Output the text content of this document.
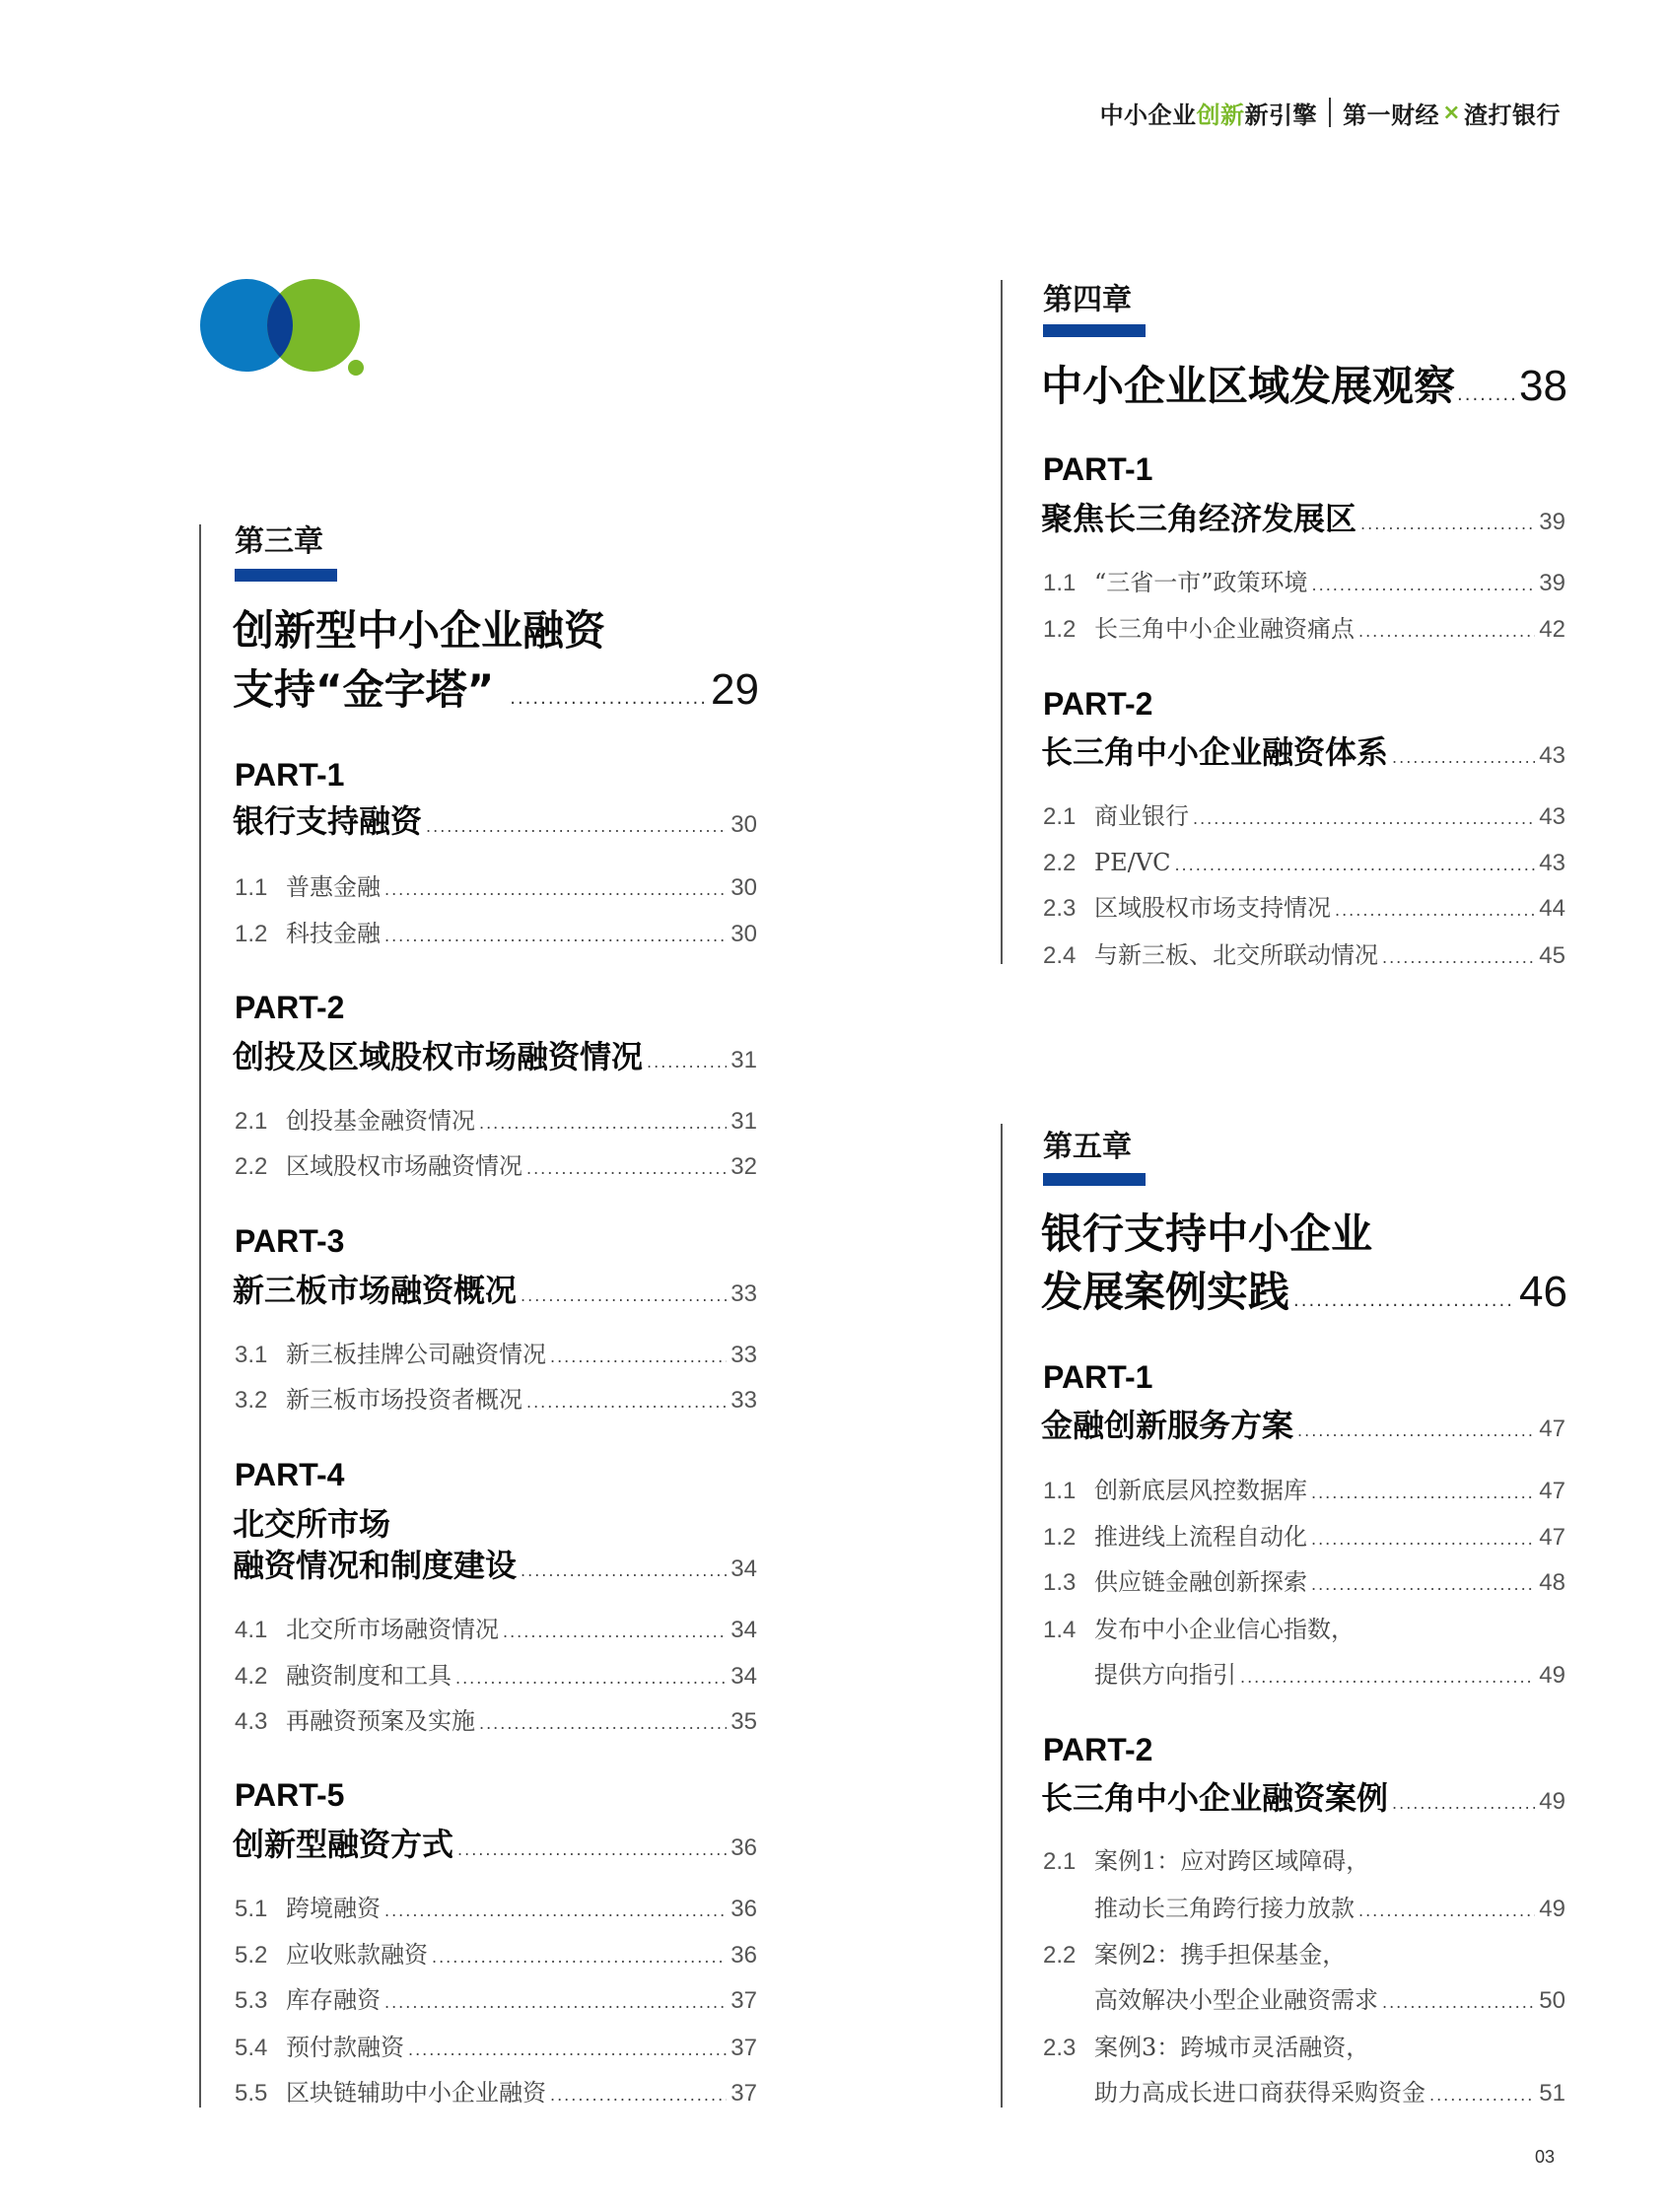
中小企业 创新 新引擎 第一财经 × 渣打银行
第三章
创新型中小企业融资
支持“金字塔” .....	29
PART-1
银行支持融资 .....	30
1.1 普惠金融 .....	30
1.2 科技金融 .....	30
PART-2
创投及区域股权市场融资情况 .....	31
2.1 创投基金融资情况 .....	31
2.2 区域股权市场融资情况 .....	32
PART-3
新三板市场融资概况 .....	33
3.1 新三板挂牌公司融资情况 .....	33
3.2 新三板市场投资者概况 .....	33
PART-4
北交所市场
融资情况和制度建设 .....	34
4.1 北交所市场融资情况 .....	34
4.2 融资制度和工具 .....	34
4.3 再融资预案及实施 .....	35
PART-5
创新型融资方式 .....	36
5.1 跨境融资 .....	36
5.2 应收账款融资 .....	36
5.3 库存融资 .....	37
5.4 预付款融资 .....	37
5.5 区块链辅助中小企业融资 .....	37
第四章
中小企业区域发展观察 ..... 38
PART-1
聚焦长三角经济发展区 .....	39
1.1 “三省一市”政策环境 .....	39
1.2 长三角中小企业融资痛点 .....	42
PART-2
长三角中小企业融资体系 .....	43
2.1 商业银行 .....	43
2.2 PE/VC .....	43
2.3 区域股权市场支持情况 .....	44
2.4 与新三板、北交所联动情况 .....	45
第五章
银行支持中小企业
发展案例实践 .....	46
PART-1
金融创新服务方案 .....	47
1.1 创新底层风控数据库 .....	47
1.2 推进线上流程自动化 .....	47
1.3 供应链金融创新探索 .....	48
1.4 发布中小企业信心指数，
提供方向指引 .....	49
PART-2
长三角中小企业融资案例 .....	49
2.1 案例1：应对跨区域障碍，
推动长三角跨行接力放款 .....	49
2.2 案例2：携手担保基金，
高效解决小型企业融资需求 .....	50
2.3 案例3：跨城市灵活融资，
助力高成长进口商获得采购资金 .....	51
03
